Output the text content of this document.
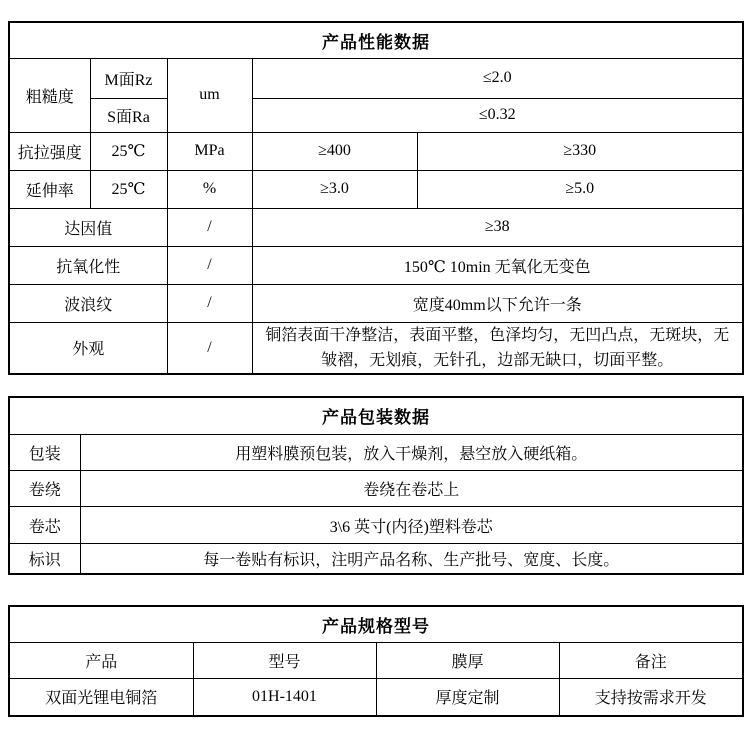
产品性能数据				
粗糙度	M面Rz	um	≤2.0	
	S面Ra		≤0.32	
抗拉强度	25℃	MPa	≥400	≥330
延伸率	25℃	%	≥3.0	≥5.0
达因值		/	≥38	
抗氧化性		/	150℃ 10min 无氧化无变色	
波浪纹		/	宽度40mm以下允许一条	
外观		/	铜箔表面干净整洁，表面平整，色泽均匀，无凹凸点，无斑块，无皱褶，无划痕，无针孔，边部无缺口，切面平整。	
产品包装数据	
包装	用塑料膜预包装，放入干燥剂，悬空放入硬纸箱。
卷绕	卷绕在卷芯上
卷芯	3\6 英寸(内径)塑料卷芯
标识	每一卷贴有标识，注明产品名称、生产批号、宽度、长度。
产品规格型号			
产品	型号	膜厚	备注
双面光锂电铜箔	01H-1401	厚度定制	支持按需求开发
